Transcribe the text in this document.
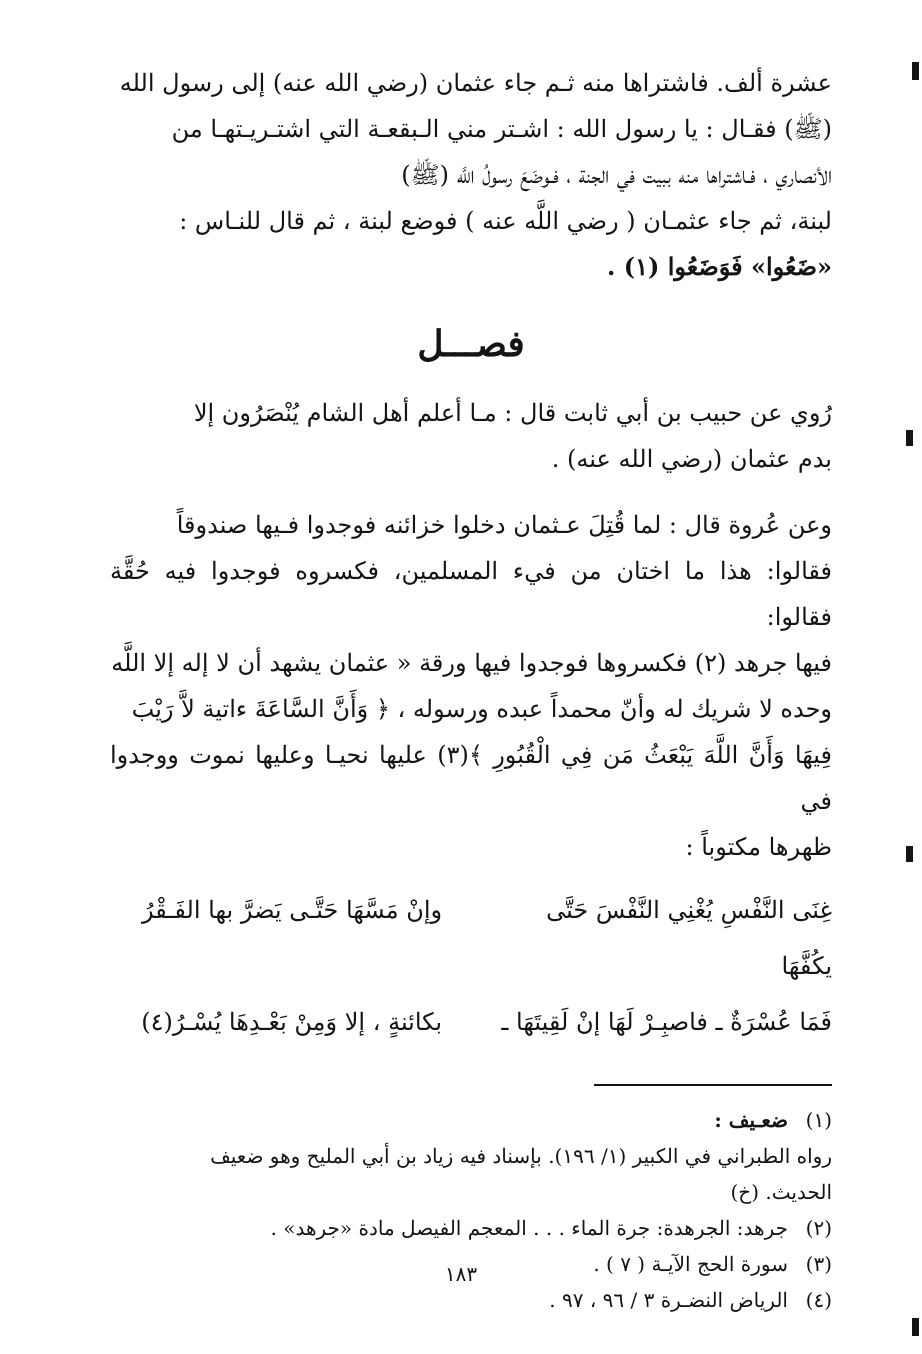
عشرة ألف. فاشتراها منه ثـم جاء عثمان (رضي الله عنه) إلى رسول الله
(ﷺ) فقـال : يا رسول الله : اشـتر مني الـبقعـة التي اشتـريـتهـا من
الأنصاري ، فـاشتراها منه ببيت في الجنة ، فـوضَعَ رسولُ اللَّه (ﷺ)
لبنة، ثم جاء عثمـان ( رضي اللَّه عنه ) فوضع لبنة ، ثم قال للنـاس :
«ضَعُوا» فَوَضَعُوا (١) .

فصـــل

رُوي عن حبيب بن أبي ثابت قال : مـا أعلم أهل الشام يُنْصَرُون إلا
بدم عثمان (رضي الله عنه) .

وعن عُروة قال : لما قُتِلَ عـثمان دخلوا خزائنه فوجدوا فـيها صندوقاً
فقالوا: هذا ما اختان من فيء المسلمين، فكسروه فوجدوا فيه حُقَّة فقالوا:
فيها جرهد (٢) فكسروها فوجدوا فيها ورقة « عثمان يشهد أن لا إله إلا اللَّه
وحده لا شريك له وأنّ محمداً عبده ورسوله ، ﴿ وَأَنَّ السَّاعَةَ ءاتية لاَّ رَيْبَ
فِيهَا وَأَنَّ اللَّهَ يَبْعَثُ مَن فِي الْقُبُورِ ﴾(٣) عليها نحيـا وعليها نموت ووجدوا في
ظهرها مكتوباً :

غِنَى النَّفْسِ يُغْنِي النَّفْسَ حَتَّى يكُفَّهَا
وإنْ مَسَّهَا حَتَّـى يَضرَّ بها الفَـقْرُ
فَمَا عُسْرَةٌ ـ فاصبِـرْ لَهَا إنْ لَقِيتَهَا ـ
بكائنةٍ ، إلا وَمِنْ بَعْـدِهَا يُسْـرُ(٤)

(١)ضعـيف :

رواه الطبراني في الكبير (١/ ١٩٦). بإسناد فيه زياد بن أبي المليح وهو ضعيف

الحديث. (خ)

(٢)جرهد: الجرهدة: جرة الماء . . . المعجم الفيصل مادة «جرهد» .

(٣)سورة الحج الآيـة ( ٧ ) .

(٤)الرياض النضـرة ٣ / ٩٦ ، ٩٧ .

١٨٣
